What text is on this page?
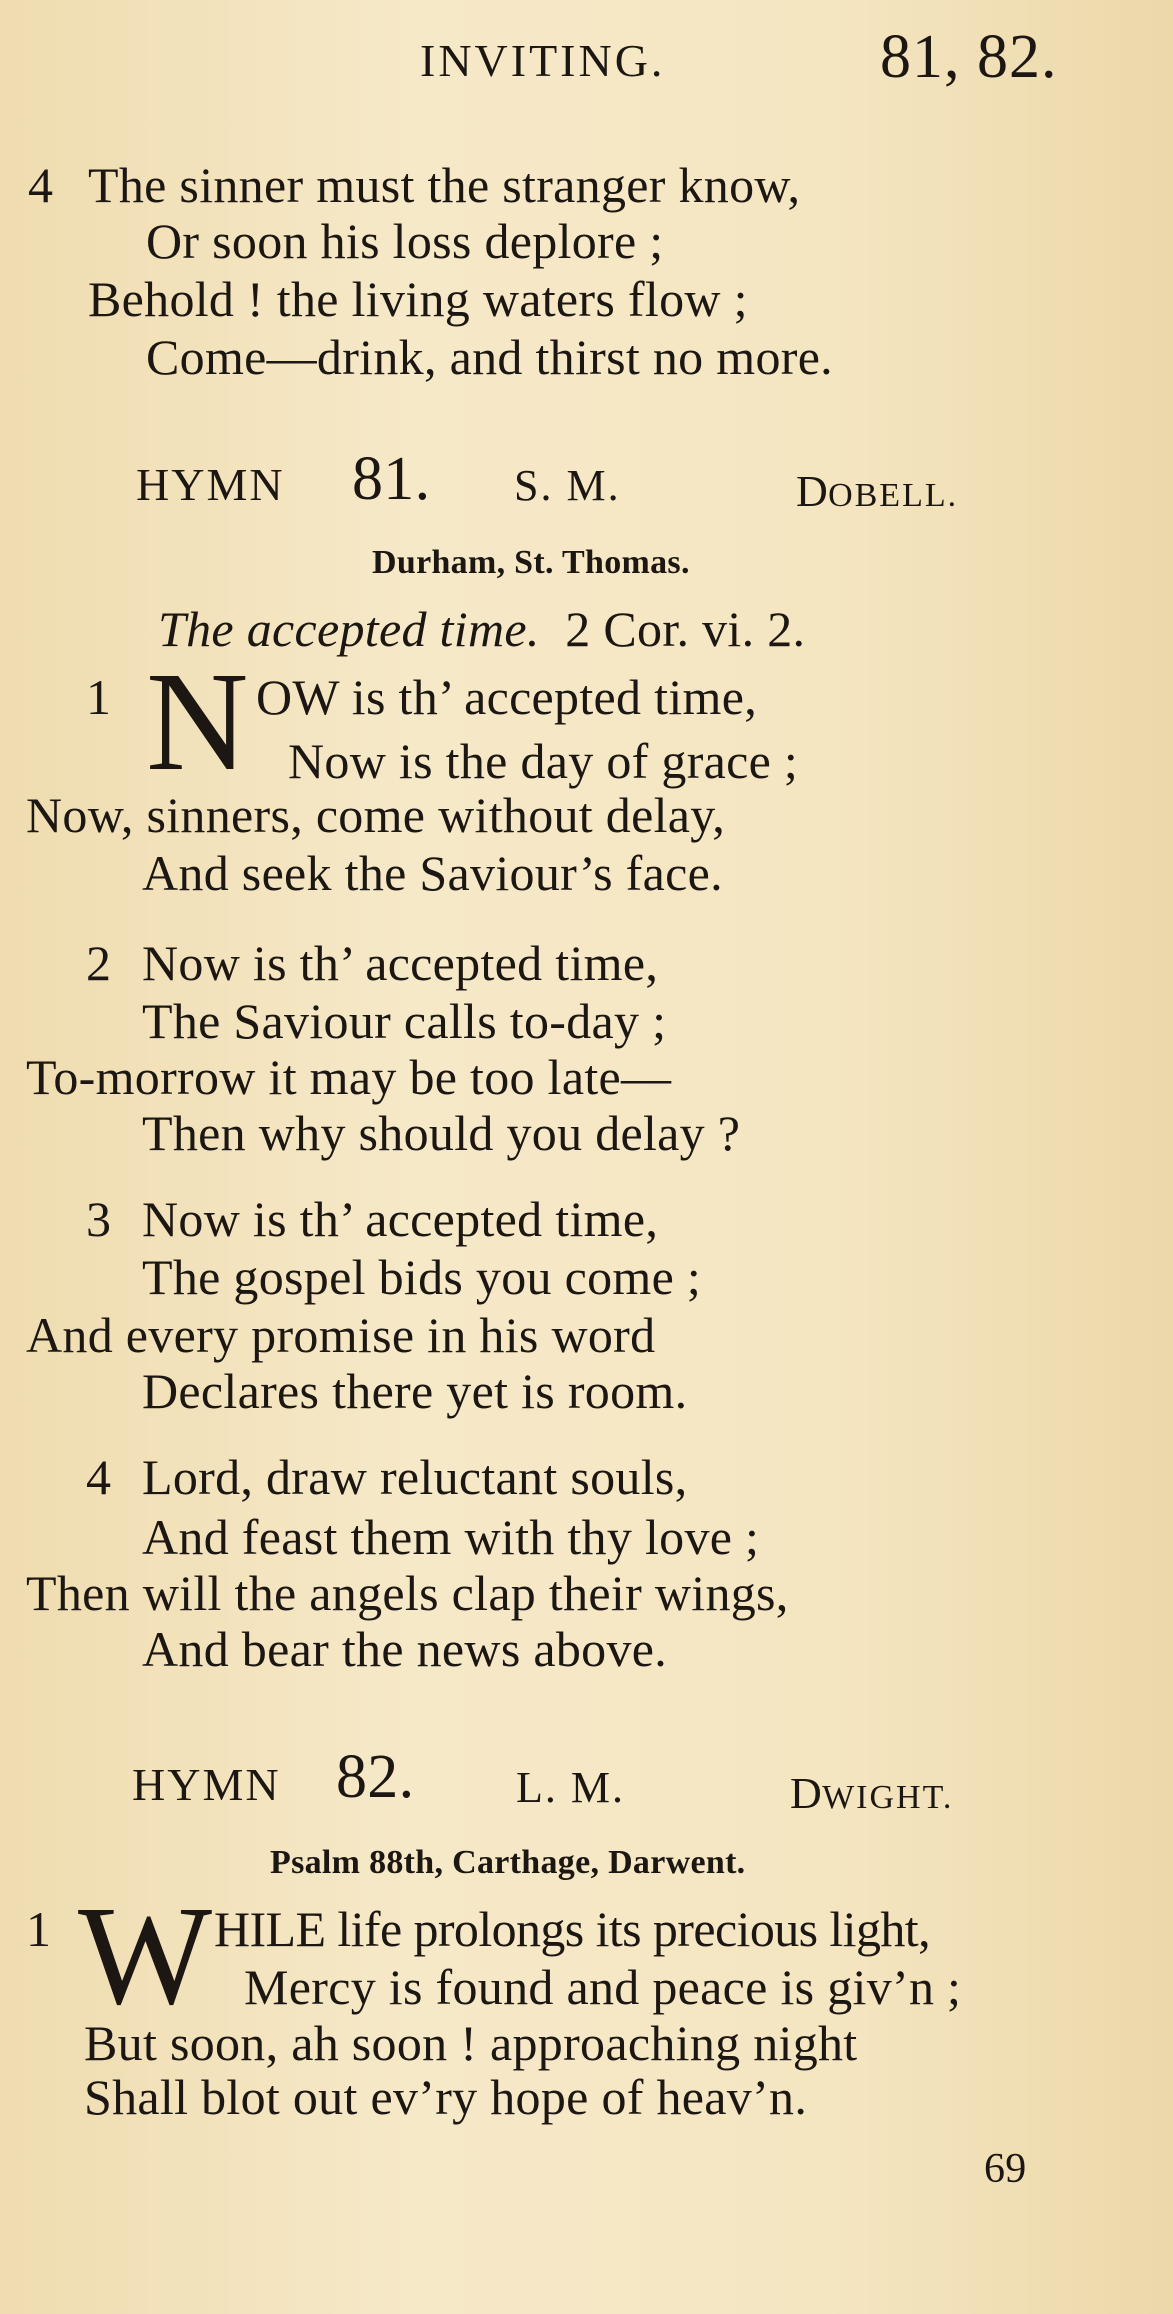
INVITING.	81, 82.
4 The sinner must the stranger know,
Or soon his loss deplore ;
Behold ! the living waters flow ;
Come—drink, and thirst no more.
HYMN 81. S. M.	DOBELL.
Durham, St. Thomas.
The accepted time. 2 Cor. vi. 2.
1 N OW is th’ accepted time,
Now is the day of grace ;
Now, sinners, come without delay,
And seek the Saviour’s face.
2 Now is th’ accepted time,
The Saviour calls to-day ;
To-morrow it may be too late—
Then why should you delay ?
3 Now is th’ accepted time,
The gospel bids you come ;
And every promise in his word
Declares there yet is room.
4 Lord, draw reluctant souls,
And feast them with thy love ;
Then will the angels clap their wings,
And bear the news above.
HYMN 82. L. M.	DWIGHT.
Psalm 88th, Carthage, Darwent.
1 W HILE life prolongs its precious light,
Mercy is found and peace is giv’n ;
But soon, ah soon ! approaching night
Shall blot out ev’ry hope of heav’n.
69
